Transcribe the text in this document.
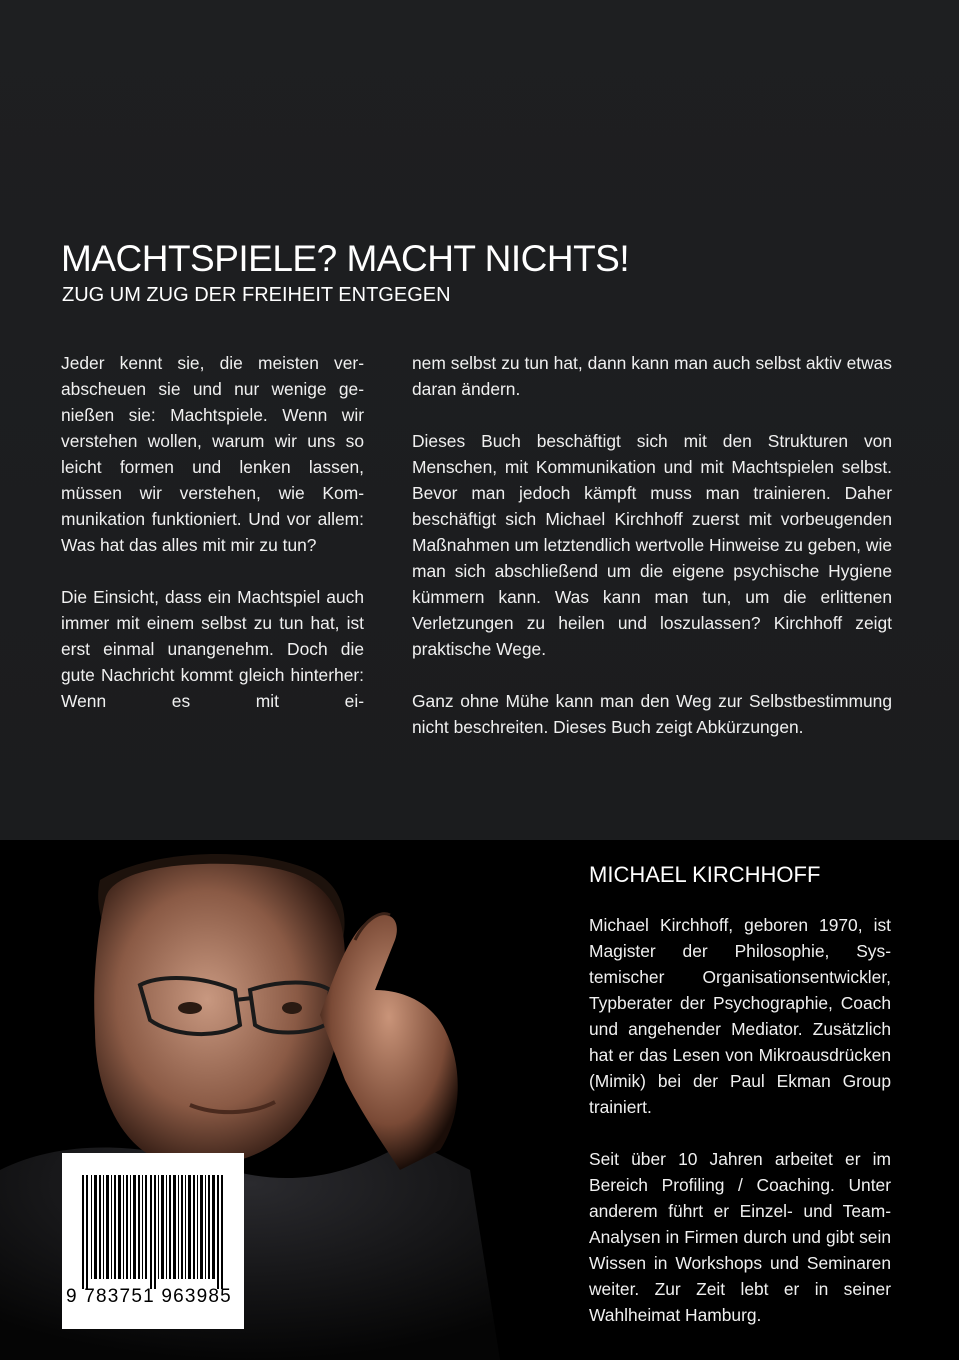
MACHTSPIELE? MACHT NICHTS!
ZUG UM ZUG DER FREIHEIT ENTGEGEN

Jeder kennt sie, die meisten verabscheuen sie und nur wenige genießen sie: Machtspiele. Wenn wir verstehen wollen, warum wir uns so leicht formen und lenken lassen, müssen wir verstehen, wie Kommunikation funktioniert. Und vor allem: Was hat das alles mit mir zu tun?

Die Einsicht, dass ein Machtspiel auch immer mit einem selbst zu tun hat, ist erst einmal unangenehm. Doch die gute Nachricht kommt gleich hinterher: Wenn es mit ei-

nem selbst zu tun hat, dann kann man auch selbst aktiv etwas daran ändern.

Dieses Buch beschäftigt sich mit den Strukturen von Menschen, mit Kommunikation und mit Machtspielen selbst. Bevor man jedoch kämpft muss man trainieren. Daher beschäftigt sich Michael Kirchhoff zuerst mit vorbeugenden Maßnahmen um letztendlich wertvolle Hinweise zu geben, wie man sich abschließend um die eigene psychische Hygiene kümmern kann. Was kann man tun, um die erlittenen Verletzungen zu heilen und loszulassen? Kirchhoff zeigt praktische Wege.

Ganz ohne Mühe kann man den Weg zur Selbstbestimmung nicht beschreiten. Dieses Buch zeigt Abkürzungen.

MICHAEL KIRCHHOFF

Michael Kirchhoff, geboren 1970, ist Magister der Philosophie, Systemischer Organisationsentwickler, Typberater der Psychographie, Coach und angehender Mediator. Zusätzlich hat er das Lesen von Mikroausdrücken (Mimik) bei der Paul Ekman Group trainiert.

Seit über 10 Jahren arbeitet er im Bereich Profiling / Coaching. Unter anderem führt er Einzel- und Team-Analysen in Firmen durch und gibt sein Wissen in Workshops und Seminaren weiter. Zur Zeit lebt er in seiner Wahlheimat Hamburg.

9 783751 963985
